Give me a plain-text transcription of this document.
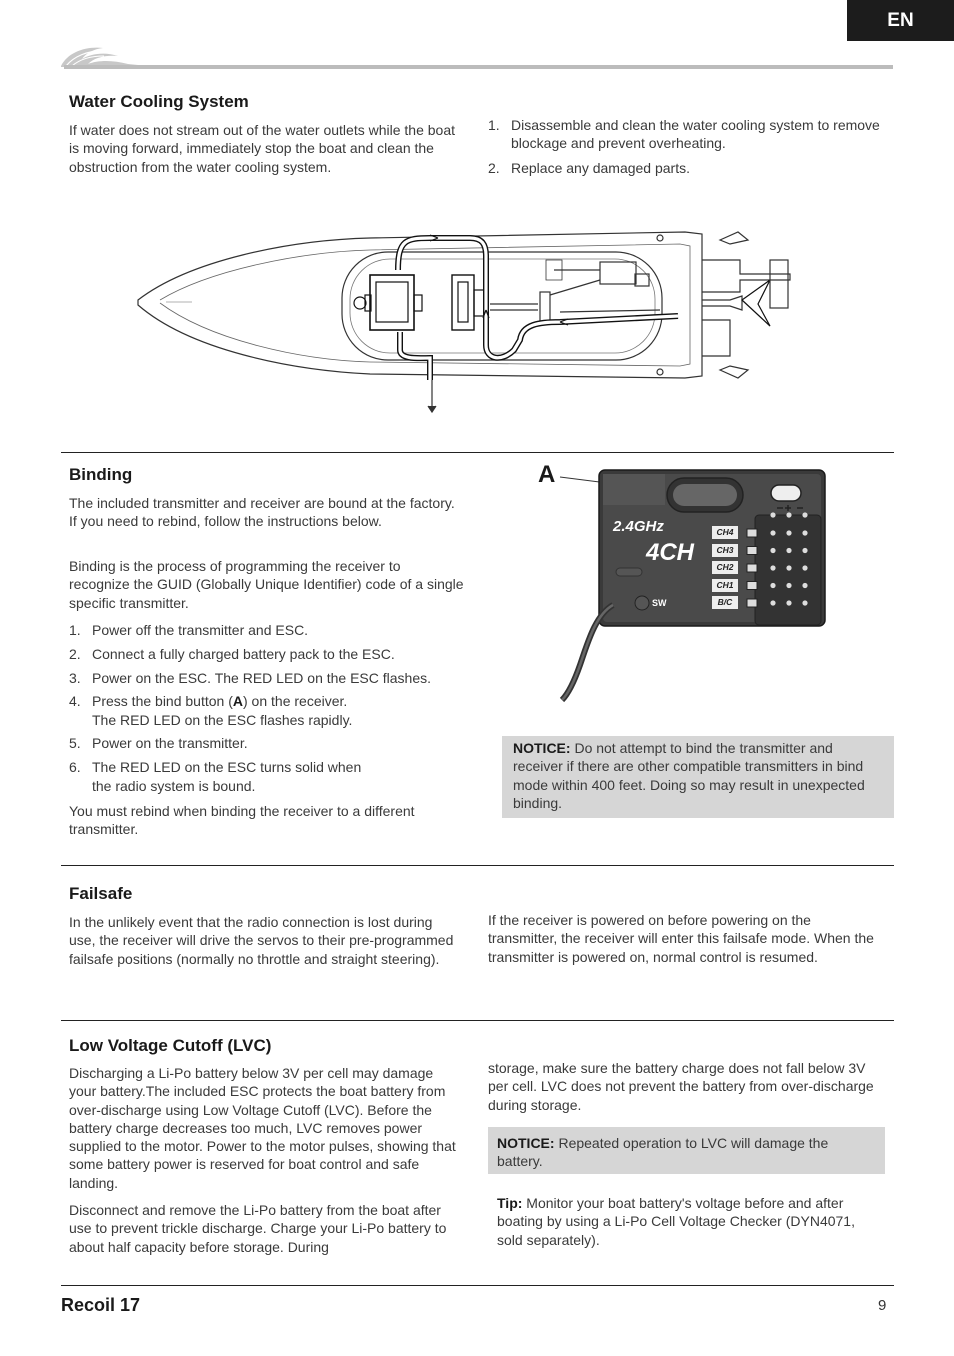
EN
Water Cooling System

If water does not stream out of the water outlets while the boat is moving forward, immediately stop the boat and clean the obstruction from the water cooling system.

1. Disassemble and clean the water cooling system to remove blockage and prevent overheating.
2. Replace any damaged parts.
Binding

The included transmitter and receiver are bound at the factory. If you need to rebind, follow the instructions below.

Binding is the process of programming the receiver to recognize the GUID (Globally Unique Identifier) code of a single specific transmitter.

1. Power off the transmitter and ESC.
2. Connect a fully charged battery pack to the ESC.
3. Power on the ESC. The RED LED on the ESC flashes.
4. Press the bind button (A) on the receiver.
The RED LED on the ESC flashes rapidly.
5. Power on the transmitter.
6. The RED LED on the ESC turns solid when
the radio system is bound.

You must rebind when binding the receiver to a different transmitter.

A
2.4GHz
4CH
SW
CH4
CH3
CH2
CH1
B/C

NOTICE: Do not attempt to bind the transmitter and receiver if there are other compatible transmitters in bind mode within 400 feet. Doing so may result in unexpected binding.

Failsafe

In the unlikely event that the radio connection is lost during use, the receiver will drive the servos to their pre-programmed failsafe positions (normally no throttle and straight steering).

If the receiver is powered on before powering on the transmitter, the receiver will enter this failsafe mode. When the transmitter is powered on, normal control is resumed.

Low Voltage Cutoff (LVC)

Discharging a Li-Po battery below 3V per cell may damage your battery.The included ESC protects the boat battery from over-discharge using Low Voltage Cutoff (LVC). Before the battery charge decreases too much, LVC removes power supplied to the motor. Power to the motor pulses, showing that some battery power is reserved for boat control and safe landing.

Disconnect and remove the Li-Po battery from the boat after use to prevent trickle discharge. Charge your Li-Po battery to about half capacity before storage. During

storage, make sure the battery charge does not fall below 3V per cell. LVC does not prevent the battery from over-discharge during storage.

NOTICE: Repeated operation to LVC will damage the battery.

Tip: Monitor your boat battery's voltage before and after boating by using a Li-Po Cell Voltage Checker (DYN4071, sold separately).

Recoil 17	9
